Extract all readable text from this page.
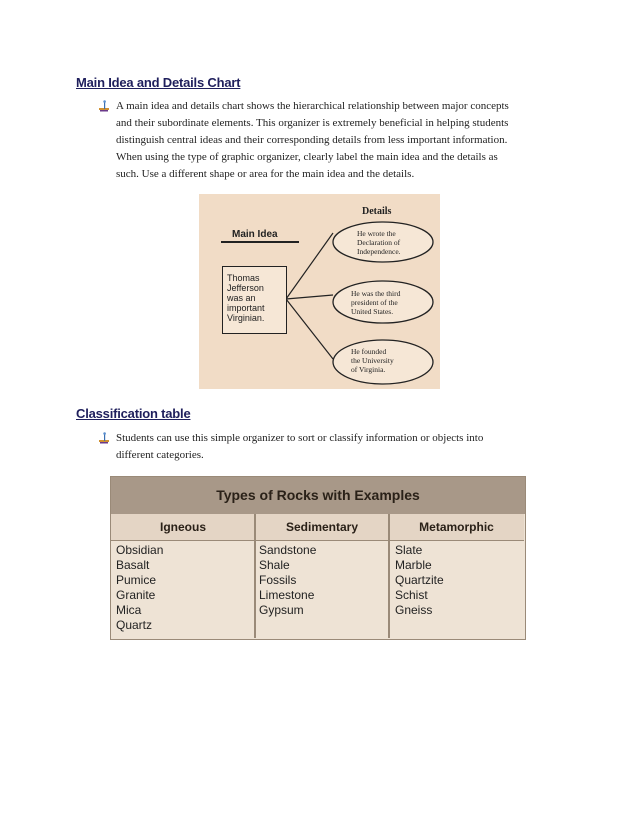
Main Idea and Details Chart
A main idea and details chart shows the hierarchical relationship between major concepts
and their subordinate elements. This organizer is extremely beneficial in helping students
distinguish central ideas and their corresponding details from less important information.
When using the type of graphic organizer, clearly label the main idea and the details as
such. Use a different shape or area for the main idea and the details.
Main Idea
Thomas
Jefferson
was an
important
Virginian.
Details
He wrote the
Declaration of
Independence.
He was the third
president of the
United States.
He founded
the University
of Virginia.
Classification table
Students can use this simple organizer to sort or classify information or objects into
different categories.
Types of Rocks with Examples
Igneous	Sedimentary	Metamorphic
Obsidian
Basalt
Pumice
Granite
Mica
Quartz
Sandstone
Shale
Fossils
Limestone
Gypsum
Slate
Marble
Quartzite
Schist
Gneiss
